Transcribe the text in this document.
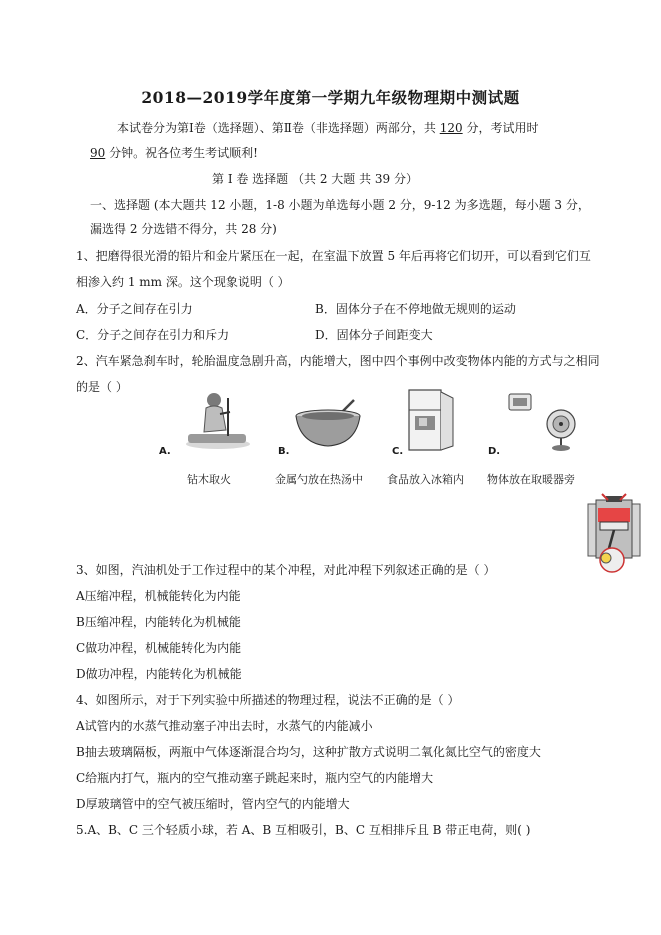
2018—2019学年度第一学期九年级物理期中测试题
本试卷分为第Ⅰ卷（选择题）、第Ⅱ卷（非选择题）两部分，共 120 分，考试用时
90 分钟。祝各位考生考试顺利!
第 Ⅰ 卷 选择题 （共 2 大题 共 39 分）
一、选择题 (本大题共 12 小题，1-8 小题为单选每小题 2 分，9-12 为多选题，每小题 3 分，
漏选得 2 分选错不得分，共 28 分)
1、把磨得很光滑的铅片和金片紧压在一起，在室温下放置 5 年后再将它们切开，可以看到它们互
相渗入约 1 mm 深。这个现象说明（ ）
A．分子之间存在引力	B．固体分子在不停地做无规则的运动
C．分子之间存在引力和斥力	D．固体分子间距变大
2、汽车紧急刹车时，轮胎温度急剧升高，内能增大，图中四个事例中改变物体内能的方式与之相同
的是（ ）
A.
钻木取火
B.
金属勺放在热汤中
C.
食品放入冰箱内
D.
物体放在取暖器旁
3、如图，汽油机处于工作过程中的某个冲程，对此冲程下列叙述正确的是（ ）
A压缩冲程，机械能转化为内能
B压缩冲程，内能转化为机械能
C做功冲程，机械能转化为内能
D做功冲程，内能转化为机械能
4、如图所示，对于下列实验中所描述的物理过程，说法不正确的是（ ）
A试管内的水蒸气推动塞子冲出去时，水蒸气的内能减小
B抽去玻璃隔板，两瓶中气体逐渐混合均匀，这种扩散方式说明二氧化氮比空气的密度大
C给瓶内打气，瓶内的空气推动塞子跳起来时，瓶内空气的内能增大
D厚玻璃管中的空气被压缩时，管内空气的内能增大
5.A、B、C 三个轻质小球，若 A、B 互相吸引，B、C 互相排斥且 B 带正电荷，则( )
